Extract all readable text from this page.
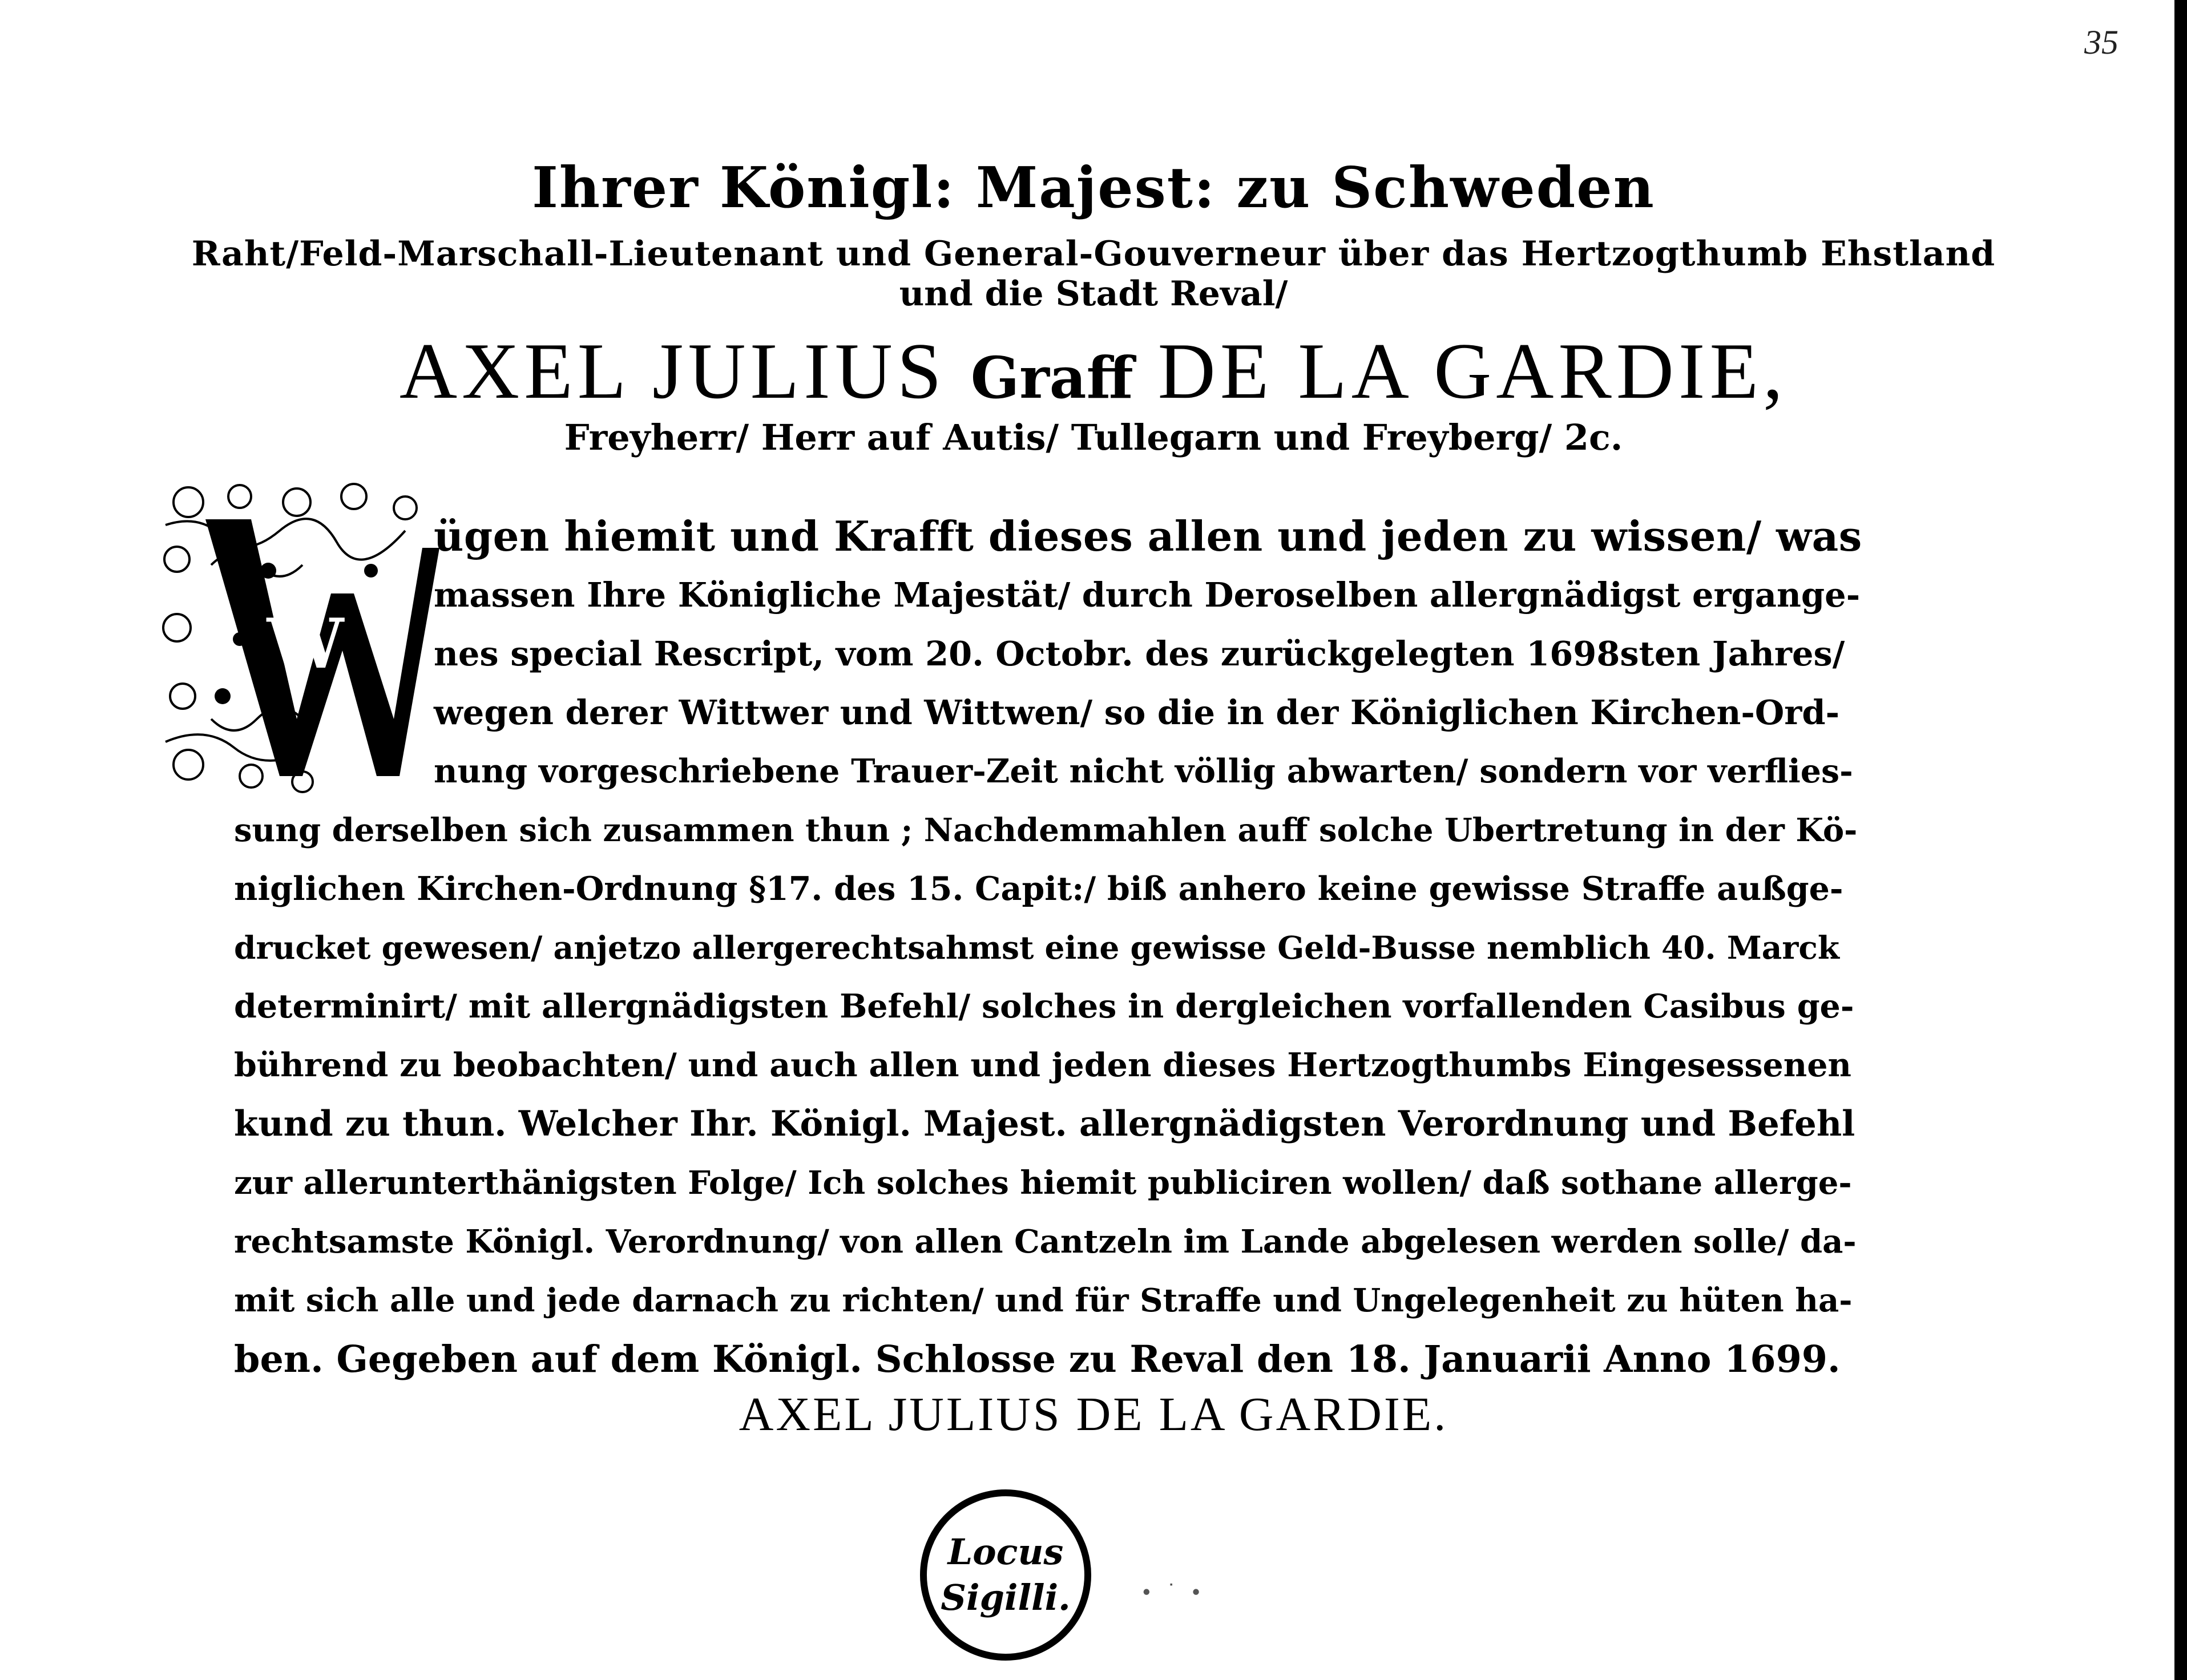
35
Ihrer Königl: Majest: zu Schweden
Raht/Feld-Marschall-Lieutenant und General-Gouverneur über das Hertzogthumb Ehstland
und die Stadt Reval/
AXEL JULIUS Graff DE LA GARDIE,
Freyherr/ Herr auf Autis/ Tullegarn und Freyberg/ 2c.
W
ügen hiemit und Krafft dieses allen und jeden zu wissen/ was
massen Ihre Königliche Majestät/ durch Deroselben allergnädigst ergange-
nes special Rescript, vom 20. Octobr. des zurückgelegten 1698sten Jahres/
wegen derer Wittwer und Wittwen/ so die in der Königlichen Kirchen-Ord-
nung vorgeschriebene Trauer-Zeit nicht völlig abwarten/ sondern vor verflies-
sung derselben sich zusammen thun ; Nachdemmahlen auff solche Ubertretung in der Kö-
niglichen Kirchen-Ordnung §17. des 15. Capit:/ biß anhero keine gewisse Straffe außge-
drucket gewesen/ anjetzo allergerechtsahmst eine gewisse Geld-Busse nemblich 40. Marck
determinirt/ mit allergnädigsten Befehl/ solches in dergleichen vorfallenden Casibus ge-
bührend zu beobachten/ und auch allen und jeden dieses Hertzogthumbs Eingesessenen
kund zu thun. Welcher Ihr. Königl. Majest. allergnädigsten Verordnung und Befehl
zur allerunterthänigsten Folge/ Ich solches hiemit publiciren wollen/ daß sothane allerge-
rechtsamste Königl. Verordnung/ von allen Cantzeln im Lande abgelesen werden solle/ da-
mit sich alle und jede darnach zu richten/ und für Straffe und Ungelegenheit zu hüten ha-
ben. Gegeben auf dem Königl. Schlosse zu Reval den 18. Januarii Anno 1699.
AXEL JULIUS DE LA GARDIE.
Locus
Sigilli.	∙ ˙ ∙
